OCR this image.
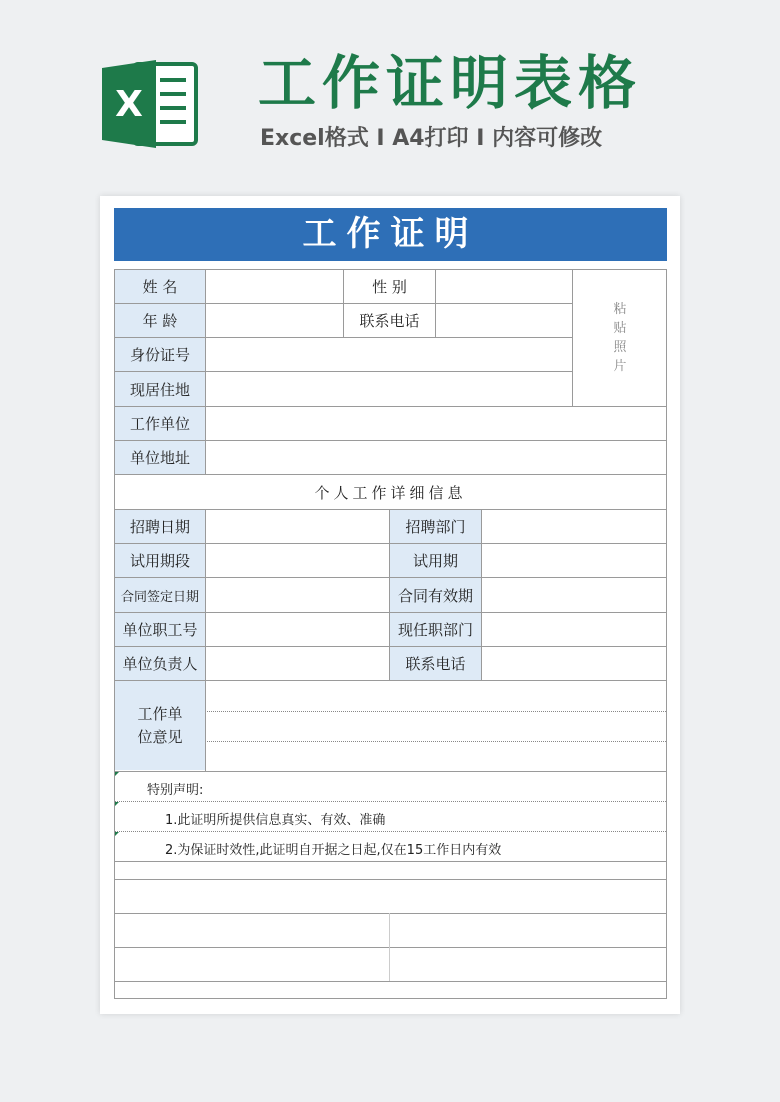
X 工作证明表格
Excel格式 I A4打印 I 内容可修改
工作证明
姓 名	性 别
年 龄	联系电话
身份证号
现居住地
工作单位
单位地址
粘贴照片
个人工作详细信息
招聘日期	招聘部门
试用期段	试用期
合同签定日期	合同有效期
单位职工号	现任职部门
单位负责人	联系电话
工作单位意见
特别声明:
1.此证明所提供信息真实、有效、准确
2.为保证时效性,此证明自开据之日起,仅在15工作日内有效
